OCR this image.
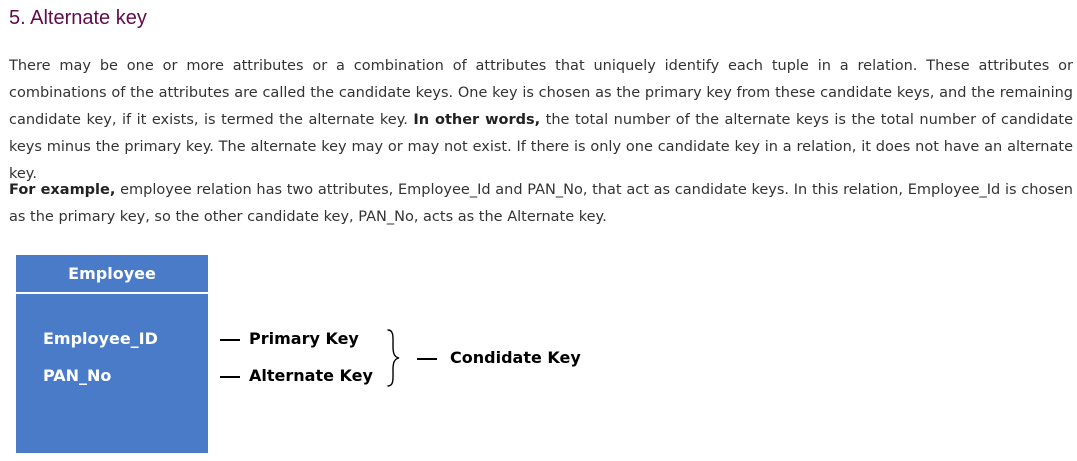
5. Alternate key

There may be one or more attributes or a combination of attributes that uniquely identify each tuple in a relation. These attributes or combinations of the attributes are called the candidate keys. One key is chosen as the primary key from these candidate keys, and the remaining candidate key, if it exists, is termed the alternate key. In other words, the total number of the alternate keys is the total number of candidate keys minus the primary key. The alternate key may or may not exist. If there is only one candidate key in a relation, it does not have an alternate key.

For example, employee relation has two attributes, Employee_Id and PAN_No, that act as candidate keys. In this relation, Employee_Id is chosen as the primary key, so the other candidate key, PAN_No, acts as the Alternate key.

Employee
Employee_ID
PAN_No
Primary Key
Alternate Key
Condidate Key
